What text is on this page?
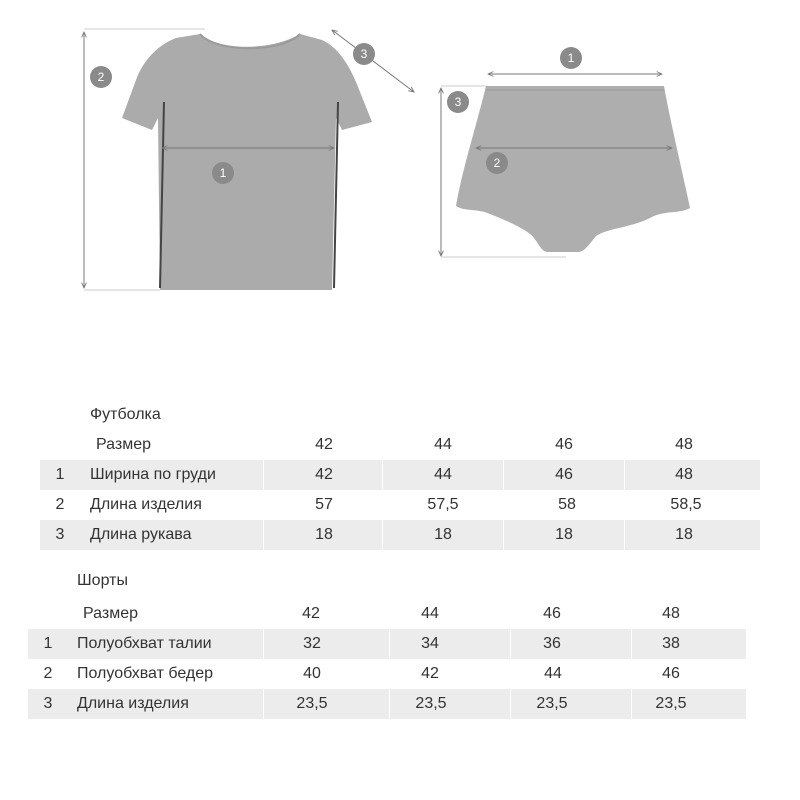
1
2
3	1
2
3
Футболка
Размер	42	44	46	48
1	Ширина по груди	42	44	46	48
2	Длина изделия	57	57,5	58	58,5
3	Длина рукава	18	18	18	18
Шорты
Размер	42	44	46	48
1	Полуобхват талии	32	34	36	38
2	Полуобхват бедер	40	42	44	46
3	Длина изделия	23,5	23,5	23,5	23,5
